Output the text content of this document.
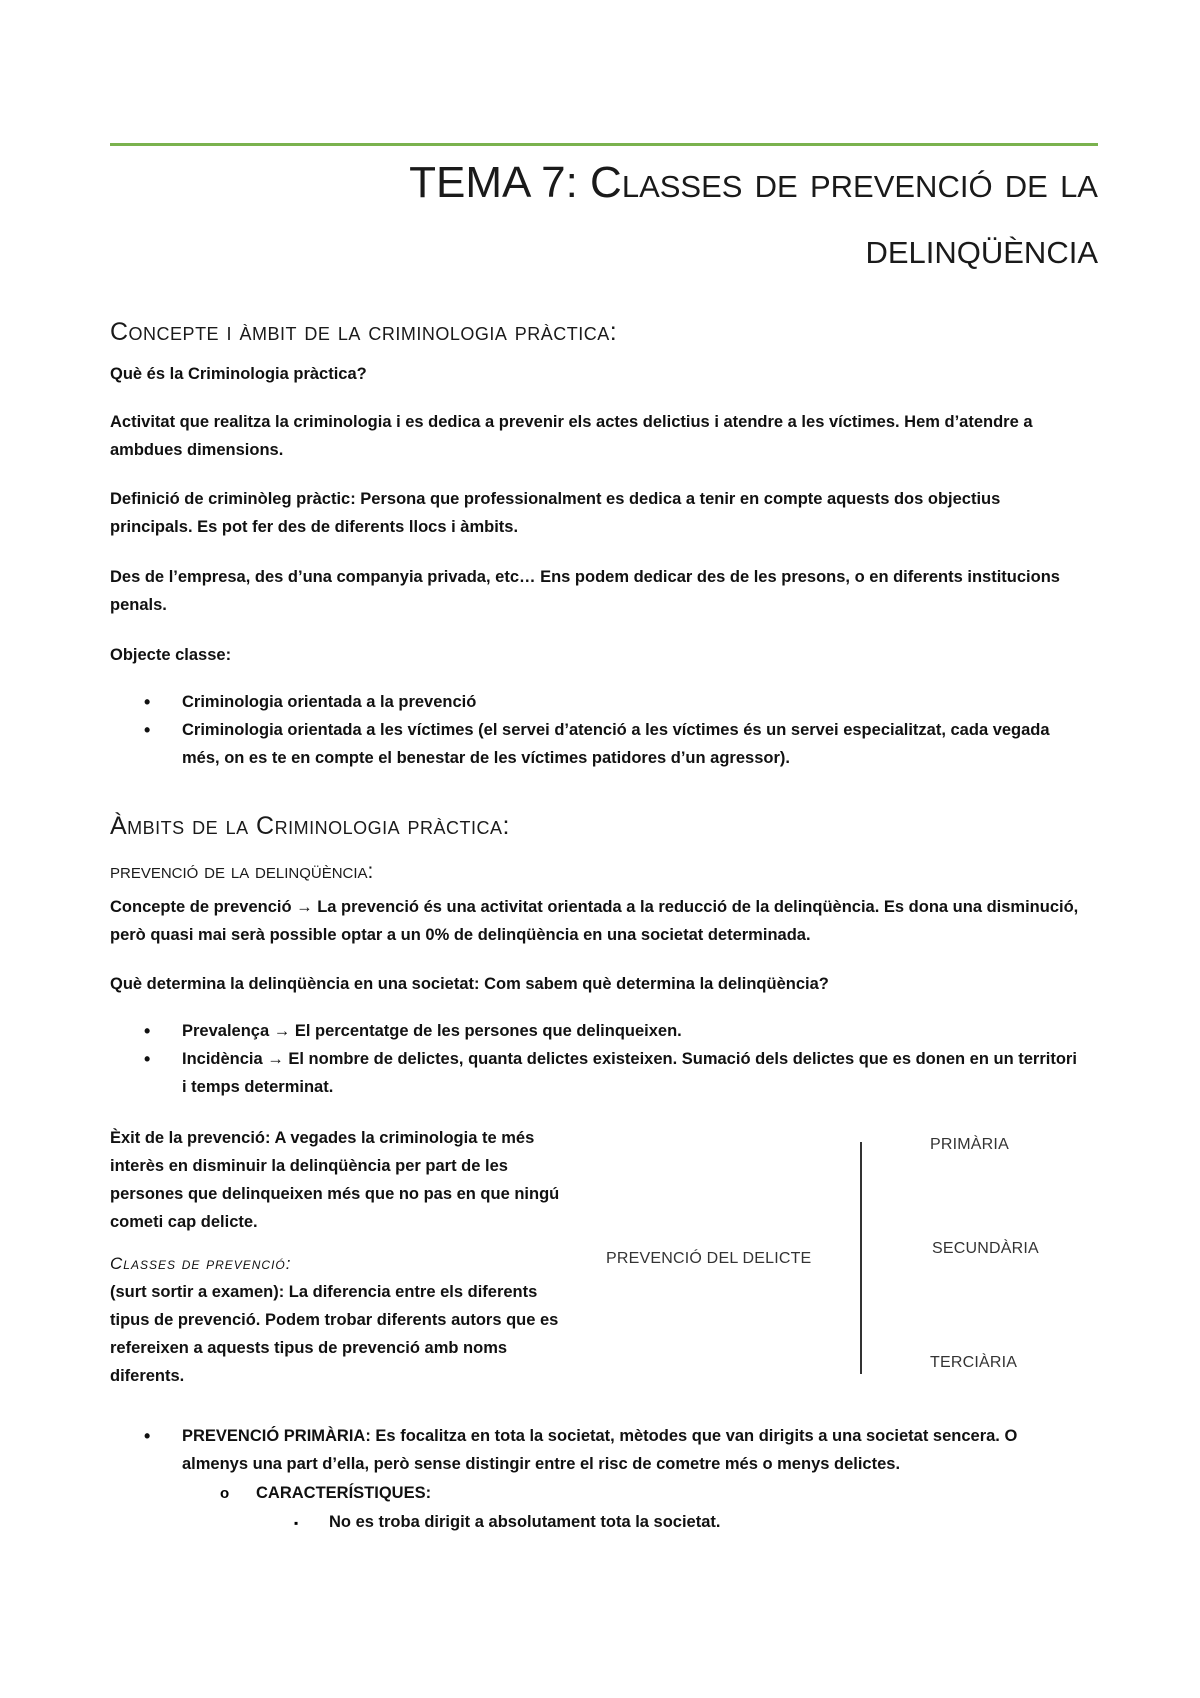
TEMA 7: Classes de prevenció de la
delinqüència
Concepte i àmbit de la criminologia pràctica:
Què és la Criminologia pràctica?
Activitat que realitza la criminologia i es dedica a prevenir els actes delictius i atendre a les víctimes. Hem d’atendre a ambdues dimensions.
Definició de criminòleg pràctic: Persona que professionalment es dedica a tenir en compte aquests dos objectius principals. Es pot fer des de diferents llocs i àmbits.
Des de l’empresa, des d’una companyia privada, etc… Ens podem dedicar des de les presons, o en diferents institucions penals.
Objecte classe:
• Criminologia orientada a la prevenció
• Criminologia orientada a les víctimes (el servei d’atenció a les víctimes és un servei especialitzat, cada vegada més, on es te en compte el benestar de les víctimes patidores d’un agressor).
Àmbits de la Criminologia pràctica:
prevenció de la delinqüència:
Concepte de prevenció → La prevenció és una activitat orientada a la reducció de la delinqüència. Es dona una disminució, però quasi mai serà possible optar a un 0% de delinqüència en una societat determinada.
Què determina la delinqüència en una societat: Com sabem què determina la delinqüència?
• Prevalença → El percentatge de les persones que delinqueixen.
• Incidència → El nombre de delictes, quanta delictes existeixen. Sumació dels delictes que es donen en un territori i temps determinat.
Èxit de la prevenció: A vegades la criminologia te més interès en disminuir la delinqüència per part de les persones que delinqueixen més que no pas en que ningú cometi cap delicte.
Classes de prevenció:
(surt sortir a examen): La diferencia entre els diferents tipus de prevenció. Podem trobar diferents autors que es refereixen a aquests tipus de prevenció amb noms diferents.
PREVENCIÓ DEL DELICTE
PRIMÀRIA
SECUNDÀRIA
TERCIÀRIA
• PREVENCIÓ PRIMÀRIA: Es focalitza en tota la societat, mètodes que van dirigits a una societat sencera. O almenys una part d’ella, però sense distingir entre el risc de cometre més o menys delictes.
o CARACTERÍSTIQUES:
▪ No es troba dirigit a absolutament tota la societat.
